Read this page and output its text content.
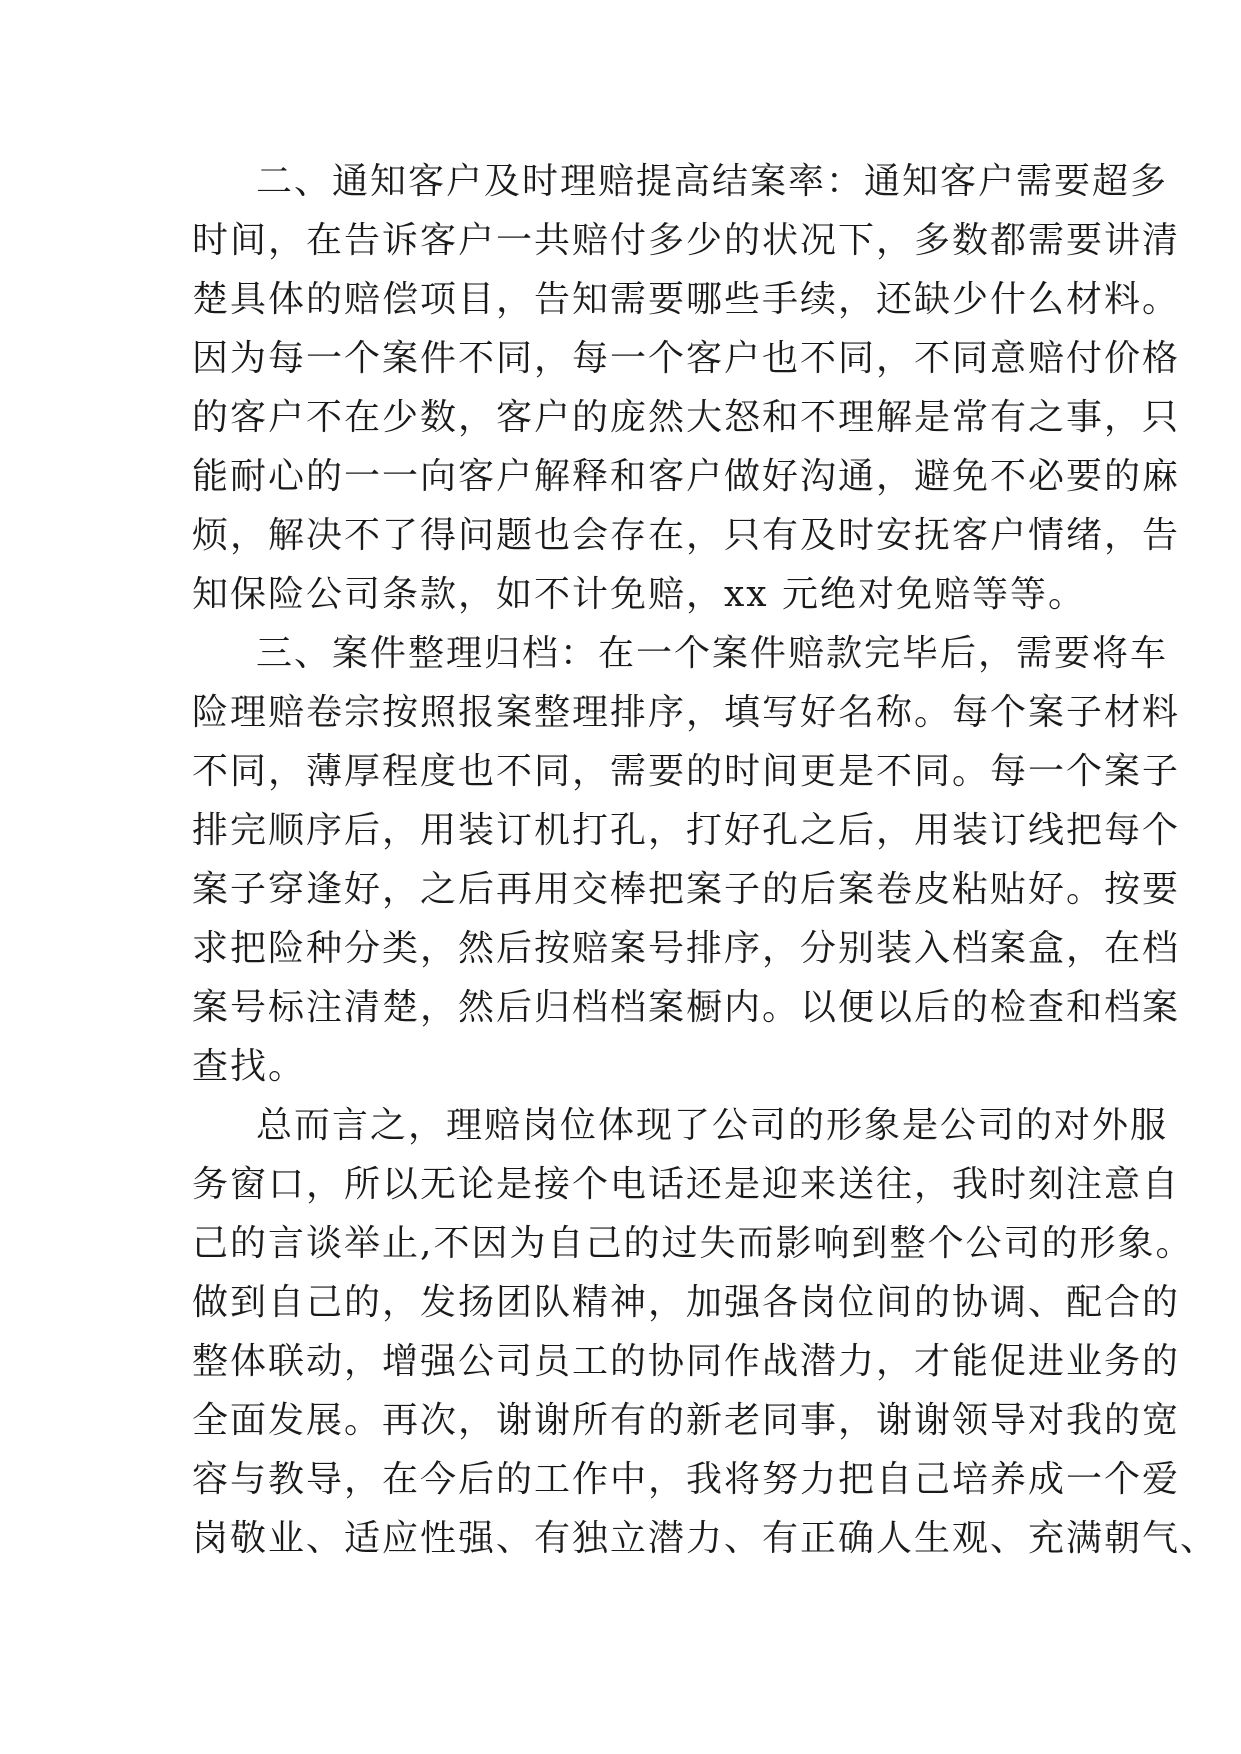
二、通知客户及时理赔提高结案率：通知客户需要超多
时间，在告诉客户一共赔付多少的状况下，多数都需要讲清
楚具体的赔偿项目，告知需要哪些手续，还缺少什么材料。
因为每一个案件不同，每一个客户也不同，不同意赔付价格
的客户不在少数，客户的庞然大怒和不理解是常有之事，只
能耐心的一一向客户解释和客户做好沟通，避免不必要的麻
烦，解决不了得问题也会存在，只有及时安抚客户情绪，告
知保险公司条款，如不计免赔，xx 元绝对免赔等等。
三、案件整理归档：在一个案件赔款完毕后，需要将车
险理赔卷宗按照报案整理排序，填写好名称。每个案子材料
不同，薄厚程度也不同，需要的时间更是不同。每一个案子
排完顺序后，用装订机打孔，打好孔之后，用装订线把每个
案子穿逢好，之后再用交棒把案子的后案卷皮粘贴好。按要
求把险种分类，然后按赔案号排序，分别装入档案盒，在档
案号标注清楚，然后归档档案橱内。以便以后的检查和档案
查找。
总而言之，理赔岗位体现了公司的形象是公司的对外服
务窗口，所以无论是接个电话还是迎来送往，我时刻注意自
己的言谈举止,不因为自己的过失而影响到整个公司的形象。
做到自己的，发扬团队精神，加强各岗位间的协调、配合的
整体联动，增强公司员工的协同作战潜力，才能促进业务的
全面发展。再次，谢谢所有的新老同事，谢谢领导对我的宽
容与教导，在今后的工作中，我将努力把自己培养成一个爱
岗敬业、适应性强、有独立潜力、有正确人生观、充满朝气、
